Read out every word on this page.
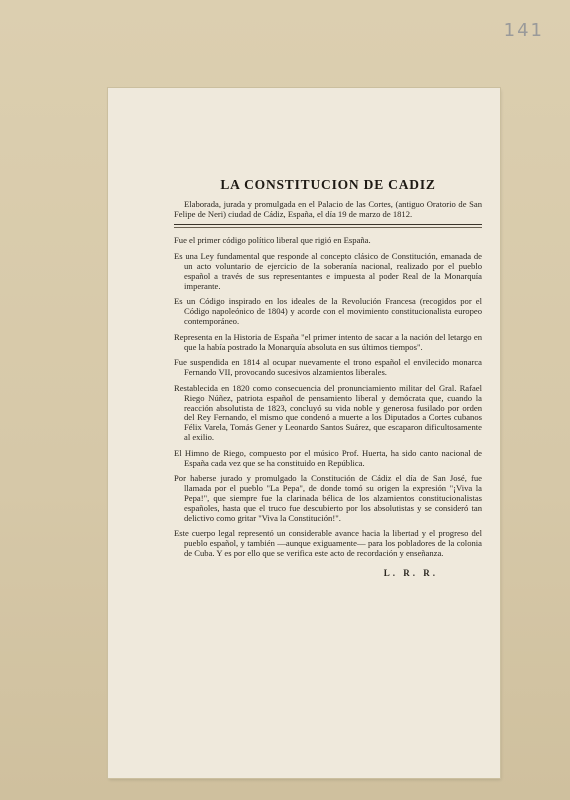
141
LA CONSTITUCION DE CADIZ

Elaborada, jurada y promulgada en el Palacio de las Cortes, (antiguo Oratorio de San Felipe de Neri) ciudad de Cádiz, España, el día 19 de marzo de 1812.

Fue el primer código político liberal que rigió en España.

Es una Ley fundamental que responde al concepto clásico de Constitución, emanada de un acto voluntario de ejercicio de la soberanía nacional, realizado por el pueblo español a través de sus representantes e impuesta al poder Real de la Monarquía imperante.

Es un Código inspirado en los ideales de la Revolución Francesa (recogidos por el Código napoleónico de 1804) y acorde con el movimiento constitucionalista europeo contemporáneo.

Representa en la Historia de España "el primer intento de sacar a la nación del letargo en que la había postrado la Monarquía absoluta en sus últimos tiempos".

Fue suspendida en 1814 al ocupar nuevamente el trono español el envilecido monarca Fernando VII, provocando sucesivos alzamientos liberales.

Restablecida en 1820 como consecuencia del pronunciamiento militar del Gral. Rafael Riego Núñez, patriota español de pensamiento liberal y demócrata que, cuando la reacción absolutista de 1823, concluyó su vida noble y generosa fusilado por orden del Rey Fernando, el mismo que condenó a muerte a los Diputados a Cortes cubanos Félix Varela, Tomás Gener y Leonardo Santos Suárez, que escaparon dificultosamente al exilio.

El Himno de Riego, compuesto por el músico Prof. Huerta, ha sido canto nacional de España cada vez que se ha constituido en República.

Por haberse jurado y promulgado la Constitución de Cádiz el día de San José, fue llamada por el pueblo "La Pepa", de donde tomó su origen la expresión "¡Viva la Pepa!", que siempre fue la clarinada bélica de los alzamientos constitucionalistas españoles, hasta que el truco fue descubierto por los absolutistas y se consideró tan delictivo como gritar "Viva la Constitución!".

Este cuerpo legal representó un considerable avance hacia la libertad y el progreso del pueblo español, y también —aunque exiguamente— para los pobladores de la colonia de Cuba. Y es por ello que se verifica este acto de recordación y enseñanza.

L. R. R.
